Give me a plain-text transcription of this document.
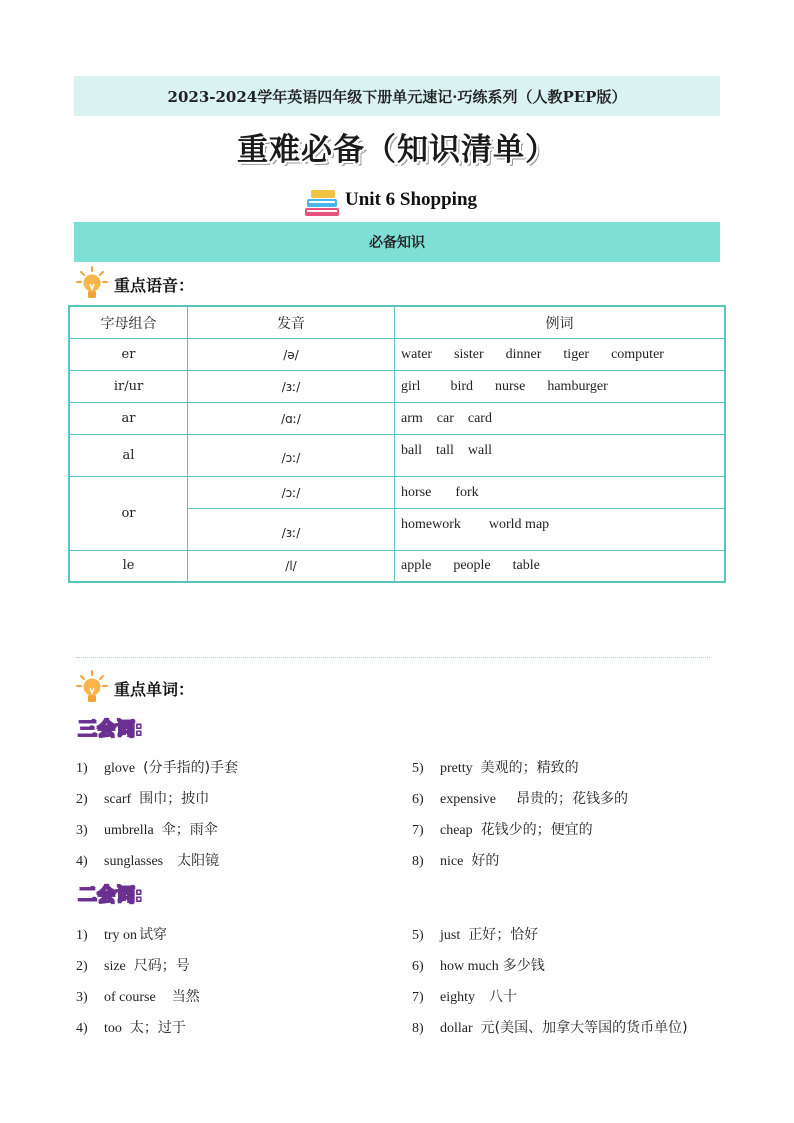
2023-2024学年英语四年级下册单元速记·巧练系列（人教PEP版）
重难必备（知识清单）
Unit 6 Shopping
必备知识
重点语音：
字母组合	发音	例词
er	/ə/	water sister dinner tiger computer
ir/ur	/ɜː/	girl bird nurse hamburger
ar	/ɑː/	arm car card
al	/ɔː/	ball tall wall
or	/ɔː/	horse fork
	/ɜː/	homework world map
le	/l/	apple people table
重点单词：
三会词:
1)	glove (分手指的)手套
2)	scarf 围巾；披巾
3)	umbrella 伞；雨伞
4)	sunglasses 太阳镜
5)	pretty 美观的；精致的
6)	expensive 昂贵的；花钱多的
7)	cheap 花钱少的；便宜的
8)	nice 好的
二会词:
1)	try on 试穿
2)	size 尺码；号
3)	of course 当然
4)	too 太；过于
5)	just 正好；恰好
6)	how much 多少钱
7)	eighty 八十
8)	dollar 元(美国、加拿大等国的货币单位)
